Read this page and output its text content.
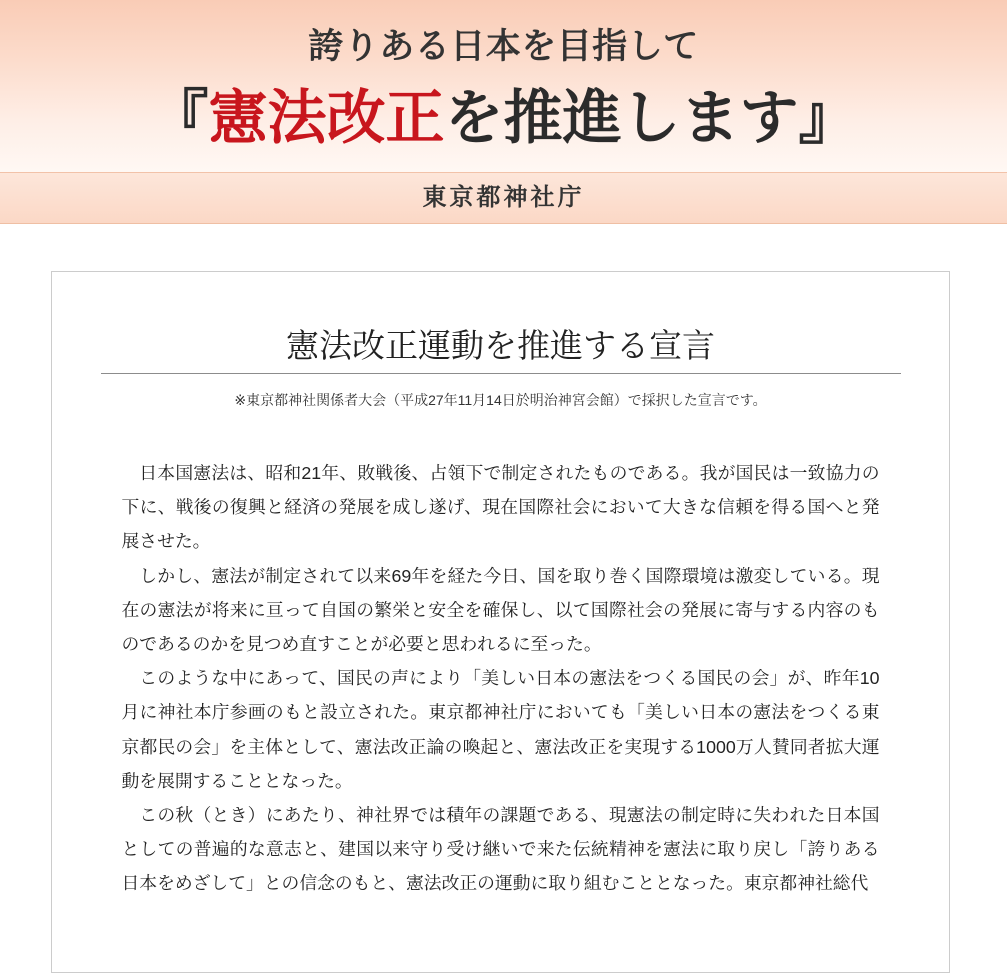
誇りある日本を目指して
『憲法改正を推進します』
東京都神社庁
憲法改正運動を推進する宣言
※東京都神社関係者大会（平成27年11月14日於明治神宮会館）で採択した宣言です。

日本国憲法は、昭和21年、敗戦後、占領下で制定されたものである。我が国民は一致協力の下に、戦後の復興と経済の発展を成し遂げ、現在国際社会において大きな信頼を得る国へと発展させた。

しかし、憲法が制定されて以来69年を経た今日、国を取り巻く国際環境は激変している。現在の憲法が将来に亘って自国の繁栄と安全を確保し、以て国際社会の発展に寄与する内容のものであるのかを見つめ直すことが必要と思われるに至った。

このような中にあって、国民の声により「美しい日本の憲法をつくる国民の会」が、昨年10月に神社本庁参画のもと設立された。東京都神社庁においても「美しい日本の憲法をつくる東京都民の会」を主体として、憲法改正論の喚起と、憲法改正を実現する1000万人賛同者拡大運動を展開することとなった。

この秋（とき）にあたり、神社界では積年の課題である、現憲法の制定時に失われた日本国としての普遍的な意志と、建国以来守り受け継いで来た伝統精神を憲法に取り戻し「誇りある日本をめざして」との信念のもと、憲法改正の運動に取り組むこととなった。東京都神社総代
